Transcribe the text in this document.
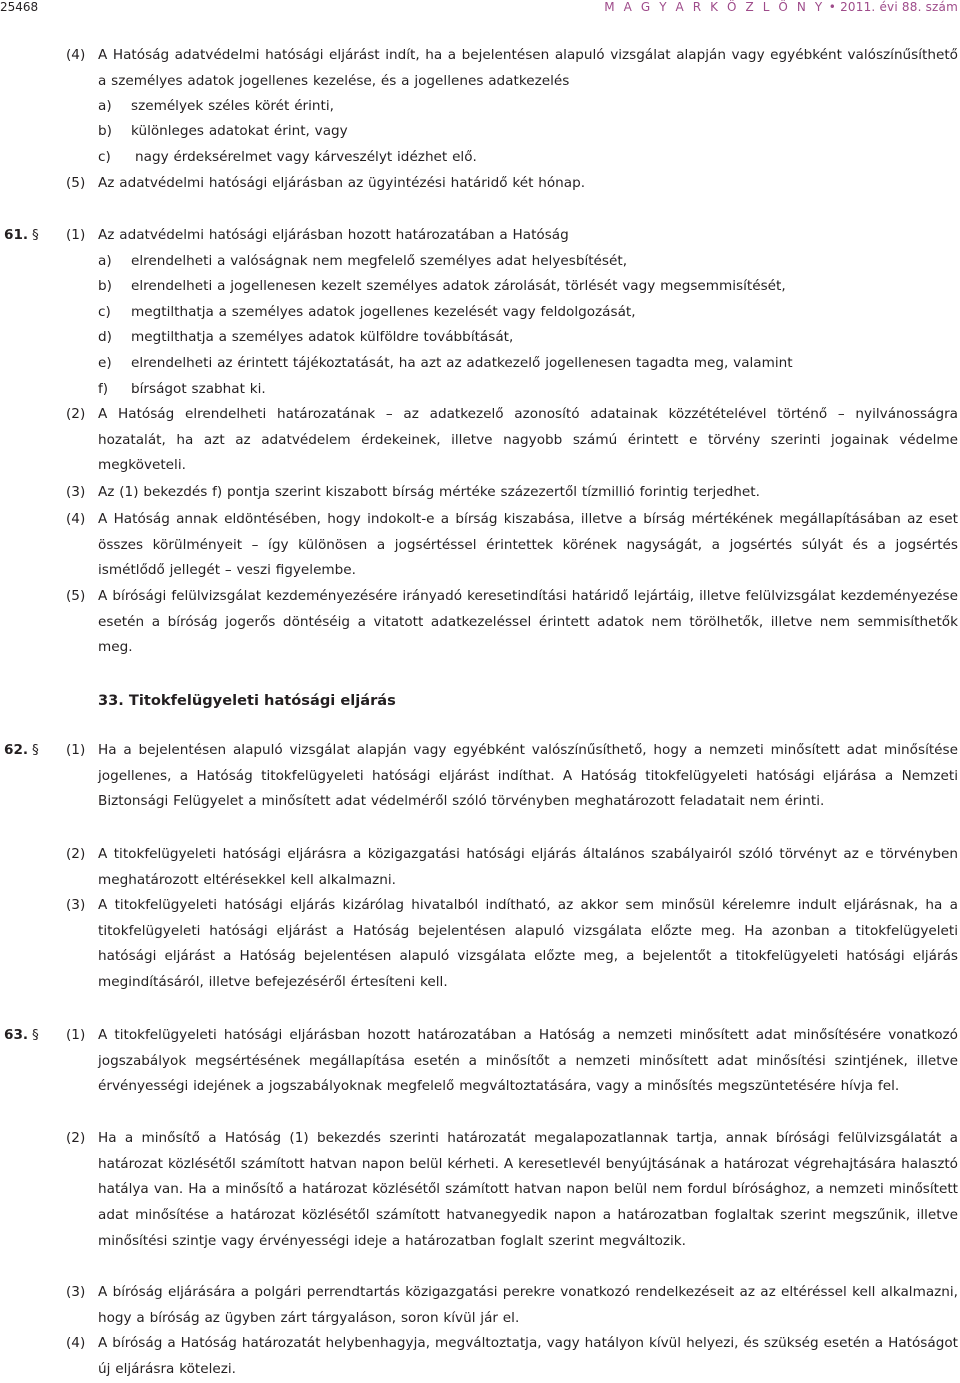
25468	M A G Y A R K Ö Z L Ö N Y • 2011. évi 88. szám
(4) A Hatóság adatvédelmi hatósági eljárást indít, ha a bejelentésen alapuló vizsgálat alapján vagy egyébként valószínűsíthető a személyes adatok jogellenes kezelése, és a jogellenes adatkezelés
a) személyek széles körét érinti,
b) különleges adatokat érint, vagy
c) nagy érdeksérelmet vagy kárveszélyt idézhet elő.
(5) Az adatvédelmi hatósági eljárásban az ügyintézési határidő két hónap.
61. § (1) Az adatvédelmi hatósági eljárásban hozott határozatában a Hatóság
a) elrendelheti a valóságnak nem megfelelő személyes adat helyesbítését,
b) elrendelheti a jogellenesen kezelt személyes adatok zárolását, törlését vagy megsemmisítését,
c) megtilthatja a személyes adatok jogellenes kezelését vagy feldolgozását,
d) megtilthatja a személyes adatok külföldre továbbítását,
e) elrendelheti az érintett tájékoztatását, ha azt az adatkezelő jogellenesen tagadta meg, valamint
f) bírságot szabhat ki.
(2) A Hatóság elrendelheti határozatának – az adatkezelő azonosító adatainak közzétételével történő – nyilvánosságra hozatalát, ha azt az adatvédelem érdekeinek, illetve nagyobb számú érintett e törvény szerinti jogainak védelme megköveteli.
(3) Az (1) bekezdés f) pontja szerint kiszabott bírság mértéke százezertől tízmillió forintig terjedhet.
(4) A Hatóság annak eldöntésében, hogy indokolt-e a bírság kiszabása, illetve a bírság mértékének megállapításában az eset összes körülményeit – így különösen a jogsértéssel érintettek körének nagyságát, a jogsértés súlyát és a jogsértés ismétlődő jellegét – veszi figyelembe.
(5) A bírósági felülvizsgálat kezdeményezésére irányadó keresetindítási határidő lejártáig, illetve felülvizsgálat kezdeményezése esetén a bíróság jogerős döntéséig a vitatott adatkezeléssel érintett adatok nem törölhetők, illetve nem semmisíthetők meg.
33. Titokfelügyeleti hatósági eljárás
62. § (1) Ha a bejelentésen alapuló vizsgálat alapján vagy egyébként valószínűsíthető, hogy a nemzeti minősített adat minősítése jogellenes, a Hatóság titokfelügyeleti hatósági eljárást indíthat. A Hatóság titokfelügyeleti hatósági eljárása a Nemzeti Biztonsági Felügyelet a minősített adat védelméről szóló törvényben meghatározott feladatait nem érinti.
(2) A titokfelügyeleti hatósági eljárásra a közigazgatási hatósági eljárás általános szabályairól szóló törvényt az e törvényben meghatározott eltérésekkel kell alkalmazni.
(3) A titokfelügyeleti hatósági eljárás kizárólag hivatalból indítható, az akkor sem minősül kérelemre indult eljárásnak, ha a titokfelügyeleti hatósági eljárást a Hatóság bejelentésen alapuló vizsgálata előzte meg. Ha azonban a titokfelügyeleti hatósági eljárást a Hatóság bejelentésen alapuló vizsgálata előzte meg, a bejelentőt a titokfelügyeleti hatósági eljárás megindításáról, illetve befejezéséről értesíteni kell.
63. § (1) A titokfelügyeleti hatósági eljárásban hozott határozatában a Hatóság a nemzeti minősített adat minősítésére vonatkozó jogszabályok megsértésének megállapítása esetén a minősítőt a nemzeti minősített adat minősítési szintjének, illetve érvényességi idejének a jogszabályoknak megfelelő megváltoztatására, vagy a minősítés megszüntetésére hívja fel.
(2) Ha a minősítő a Hatóság (1) bekezdés szerinti határozatát megalapozatlannak tartja, annak bírósági felülvizsgálatát a határozat közlésétől számított hatvan napon belül kérheti. A keresetlevél benyújtásának a határozat végrehajtására halasztó hatálya van. Ha a minősítő a határozat közlésétől számított hatvan napon belül nem fordul bírósághoz, a nemzeti minősített adat minősítése a határozat közlésétől számított hatvanegyedik napon a határozatban foglaltak szerint megszűnik, illetve minősítési szintje vagy érvényességi ideje a határozatban foglalt szerint megváltozik.
(3) A bíróság eljárására a polgári perrendtartás közigazgatási perekre vonatkozó rendelkezéseit az az eltéréssel kell alkalmazni, hogy a bíróság az ügyben zárt tárgyaláson, soron kívül jár el.
(4) A bíróság a Hatóság határozatát helybenhagyja, megváltoztatja, vagy hatályon kívül helyezi, és szükség esetén a Hatóságot új eljárásra kötelezi.
